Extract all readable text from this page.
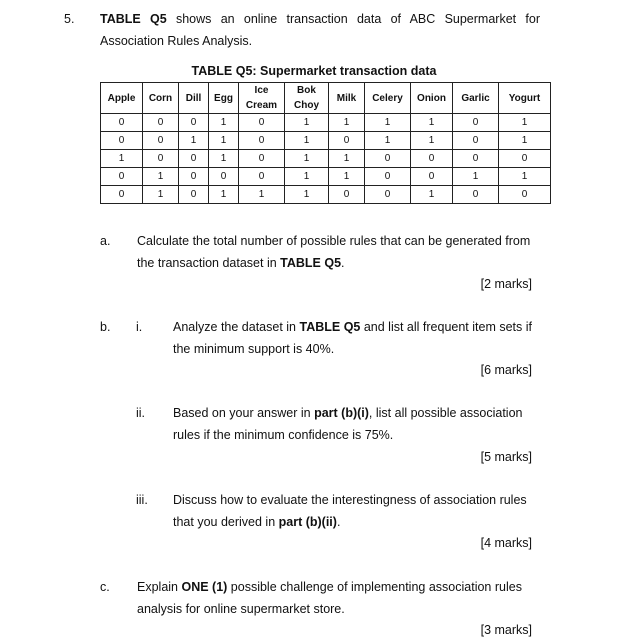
5. TABLE Q5 shows an online transaction data of ABC Supermarket for Association Rules Analysis.
TABLE Q5: Supermarket transaction data
Apple	Corn	Dill	Egg	Ice Cream	Bok Choy	Milk	Celery	Onion	Garlic	Yogurt
0	0	0	1	0	1	1	1	1	0	1
0	0	1	1	0	1	0	1	1	0	1
1	0	0	1	0	1	1	0	0	0	0
0	1	0	0	0	1	1	0	0	1	1
0	1	0	1	1	1	0	0	1	0	0
a. Calculate the total number of possible rules that can be generated from the transaction dataset in TABLE Q5.
[2 marks]
b. i. Analyze the dataset in TABLE Q5 and list all frequent item sets if the minimum support is 40%.
[6 marks]
ii. Based on your answer in part (b)(i), list all possible association rules if the minimum confidence is 75%.
[5 marks]
iii. Discuss how to evaluate the interestingness of association rules that you derived in part (b)(ii).
[4 marks]
c. Explain ONE (1) possible challenge of implementing association rules analysis for online supermarket store.
[3 marks]
